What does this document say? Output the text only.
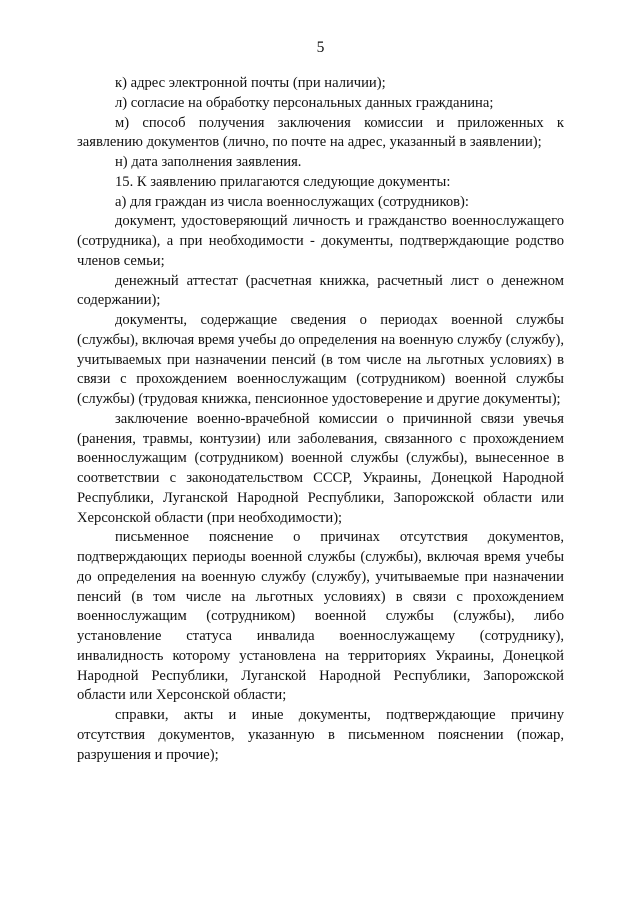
5

к) адрес электронной почты (при наличии);

л) согласие на обработку персональных данных гражданина;

м) способ получения заключения комиссии и приложенных к заявлению документов (лично, по почте на адрес, указанный в заявлении);

н) дата заполнения заявления.

15. К заявлению прилагаются следующие документы:

а) для граждан из числа военнослужащих (сотрудников):

документ, удостоверяющий личность и гражданство военнослужащего (сотрудника), а при необходимости - документы, подтверждающие родство членов семьи;

денежный аттестат (расчетная книжка, расчетный лист о денежном содержании);

документы, содержащие сведения о периодах военной службы (службы), включая время учебы до определения на военную службу (службу), учитываемых при назначении пенсий (в том числе на льготных условиях) в связи с прохождением военнослужащим (сотрудником) военной службы (службы) (трудовая книжка, пенсионное удостоверение и другие документы);

заключение военно-врачебной комиссии о причинной связи увечья (ранения, травмы, контузии) или заболевания, связанного с прохождением военнослужащим (сотрудником) военной службы (службы), вынесенное в соответствии с законодательством СССР, Украины, Донецкой Народной Республики, Луганской Народной Республики, Запорожской области или Херсонской области (при необходимости);

письменное пояснение о причинах отсутствия документов, подтверждающих периоды военной службы (службы), включая время учебы до определения на военную службу (службу), учитываемые при назначении пенсий (в том числе на льготных условиях) в связи с прохождением военнослужащим (сотрудником) военной службы (службы), либо установление статуса инвалида военнослужащему (сотруднику), инвалидность которому установлена на территориях Украины, Донецкой Народной Республики, Луганской Народной Республики, Запорожской области или Херсонской области;

справки, акты и иные документы, подтверждающие причину отсутствия документов, указанную в письменном пояснении (пожар, разрушения и прочие);
